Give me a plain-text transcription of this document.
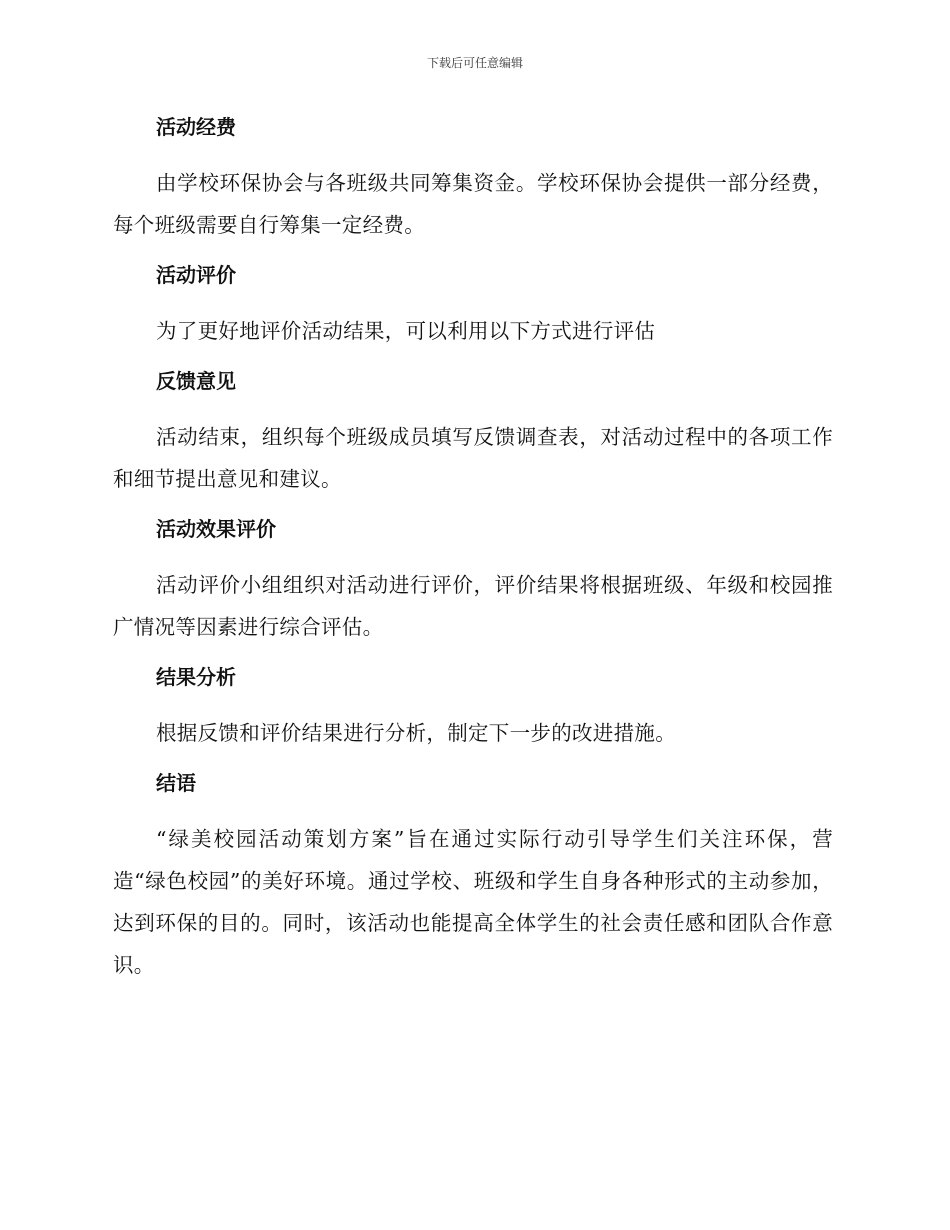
下载后可任意编辑
活动经费

由学校环保协会与各班级共同筹集资金。学校环保协会提供一部分经费，每个班级需要自行筹集一定经费。

活动评价

为了更好地评价活动结果，可以利用以下方式进行评估

反馈意见

活动结束，组织每个班级成员填写反馈调查表，对活动过程中的各项工作和细节提出意见和建议。

活动效果评价

活动评价小组组织对活动进行评价，评价结果将根据班级、年级和校园推广情况等因素进行综合评估。

结果分析

根据反馈和评价结果进行分析，制定下一步的改进措施。

结语

“绿美校园活动策划方案”旨在通过实际行动引导学生们关注环保，营造“绿色校园”的美好环境。通过学校、班级和学生自身各种形式的主动参加，达到环保的目的。同时，该活动也能提高全体学生的社会责任感和团队合作意识。
